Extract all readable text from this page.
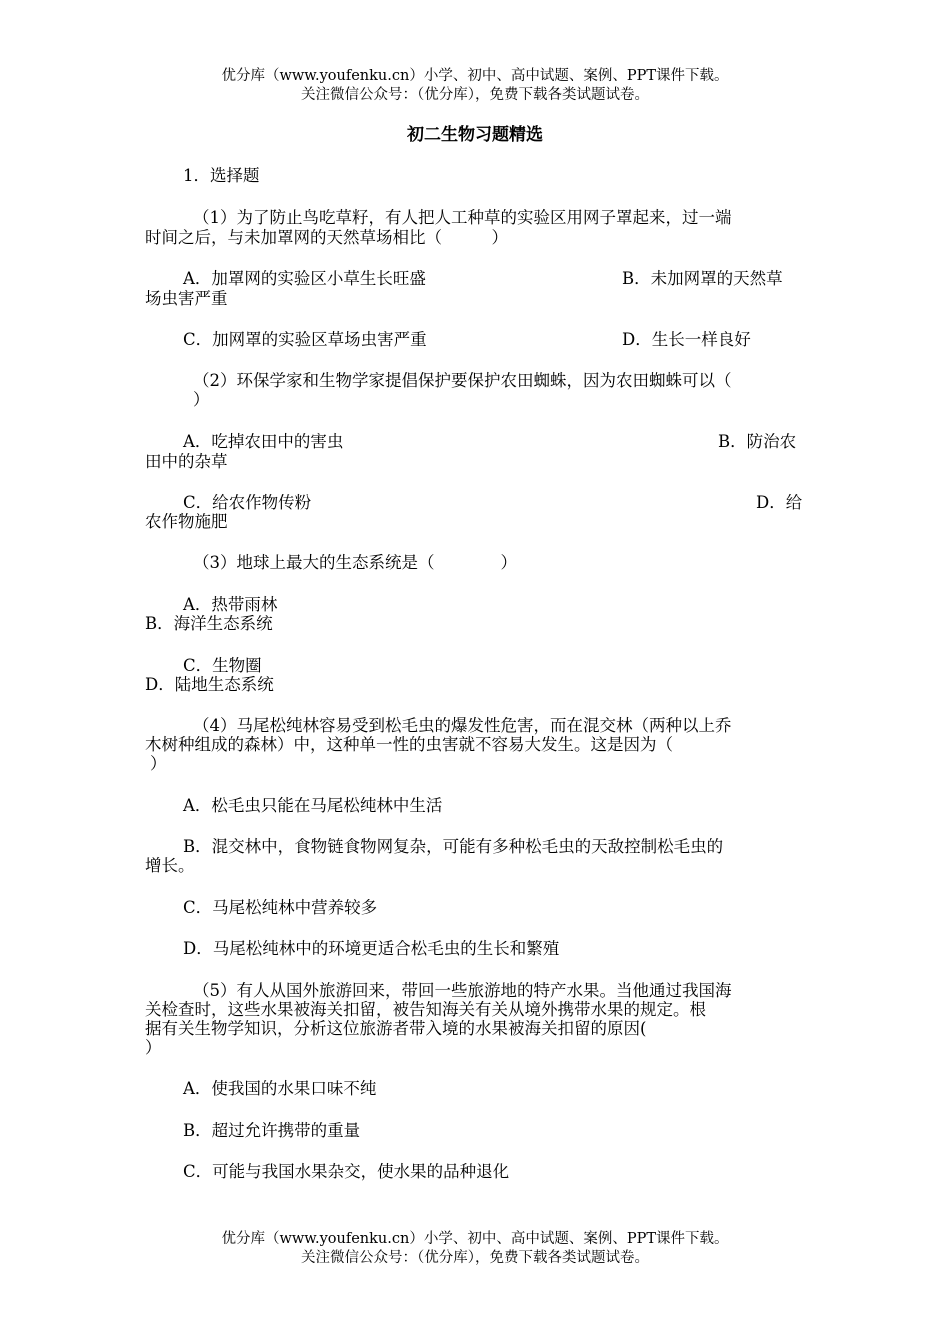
优分库（www.youfenku.cn）小学、初中、高中试题、案例、PPT课件下载。
关注微信公众号：（优分库），免费下载各类试题试卷。
初二生物习题精选
1．选择题
（1）为了防止鸟吃草籽，有人把人工种草的实验区用网子罩起来，过一端
时间之后，与未加罩网的天然草场相比（　　　）
A．加罩网的实验区小草生长旺盛	B．未加网罩的天然草
场虫害严重
C．加网罩的实验区草场虫害严重	D．生长一样良好
（2）环保学家和生物学家提倡保护要保护农田蜘蛛，因为农田蜘蛛可以（
）
A．吃掉农田中的害虫	B．防治农
田中的杂草
C．给农作物传粉	D．给
农作物施肥
（3）地球上最大的生态系统是（　　　　）
A．热带雨林
B．海洋生态系统
C．生物圈
D．陆地生态系统
（4）马尾松纯林容易受到松毛虫的爆发性危害，而在混交林（两种以上乔
木树种组成的森林）中，这种单一性的虫害就不容易大发生。这是因为（
）
A．松毛虫只能在马尾松纯林中生活
B．混交林中，食物链食物网复杂，可能有多种松毛虫的天敌控制松毛虫的
增长。
C．马尾松纯林中营养较多
D．马尾松纯林中的环境更适合松毛虫的生长和繁殖
（5）有人从国外旅游回来，带回一些旅游地的特产水果。当他通过我国海
关检查时，这些水果被海关扣留，被告知海关有关从境外携带水果的规定。根
据有关生物学知识，分析这位旅游者带入境的水果被海关扣留的原因(
）
A．使我国的水果口味不纯
B．超过允许携带的重量
C．可能与我国水果杂交，使水果的品种退化
优分库（www.youfenku.cn）小学、初中、高中试题、案例、PPT课件下载。
关注微信公众号：（优分库），免费下载各类试题试卷。
